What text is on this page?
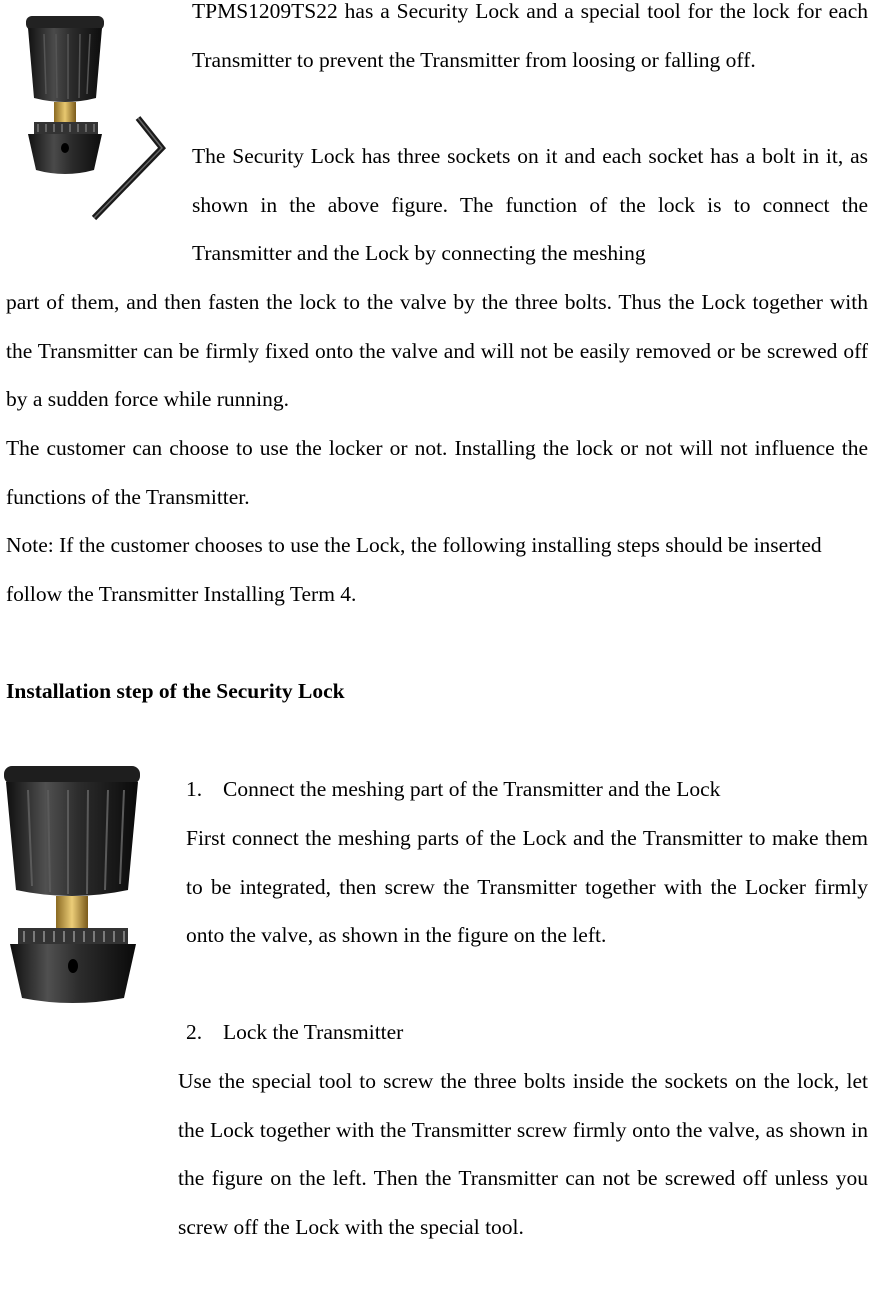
TPMS1209TS22 has a Security Lock and a special tool for the lock for each Transmitter to prevent the Transmitter from loosing or falling off.

The Security Lock has three sockets on it and each socket has a bolt in it, as shown in the above figure. The function of the lock is to connect the Transmitter and the Lock by connecting the meshing

part of them, and then fasten the lock to the valve by the three bolts. Thus the Lock together with the Transmitter can be firmly fixed onto the valve and will not be easily removed or be screwed off by a sudden force while running.

The customer can choose to use the locker or not. Installing the lock or not will not influence the functions of the Transmitter.

Note: If the customer chooses to use the Lock, the following installing steps should be inserted follow the Transmitter Installing Term 4.

Installation step of the Security Lock
1. Connect the meshing part of the Transmitter and the Lock

First connect the meshing parts of the Lock and the Transmitter to make them to be integrated, then screw the Transmitter together with the Locker firmly onto the valve, as shown in the figure on the left.

2. Lock the Transmitter

Use the special tool to screw the three bolts inside the sockets on the lock, let the Lock together with the Transmitter screw firmly onto the valve, as shown in the figure on the left. Then the Transmitter can not be screwed off unless you screw off the Lock with the special tool.
